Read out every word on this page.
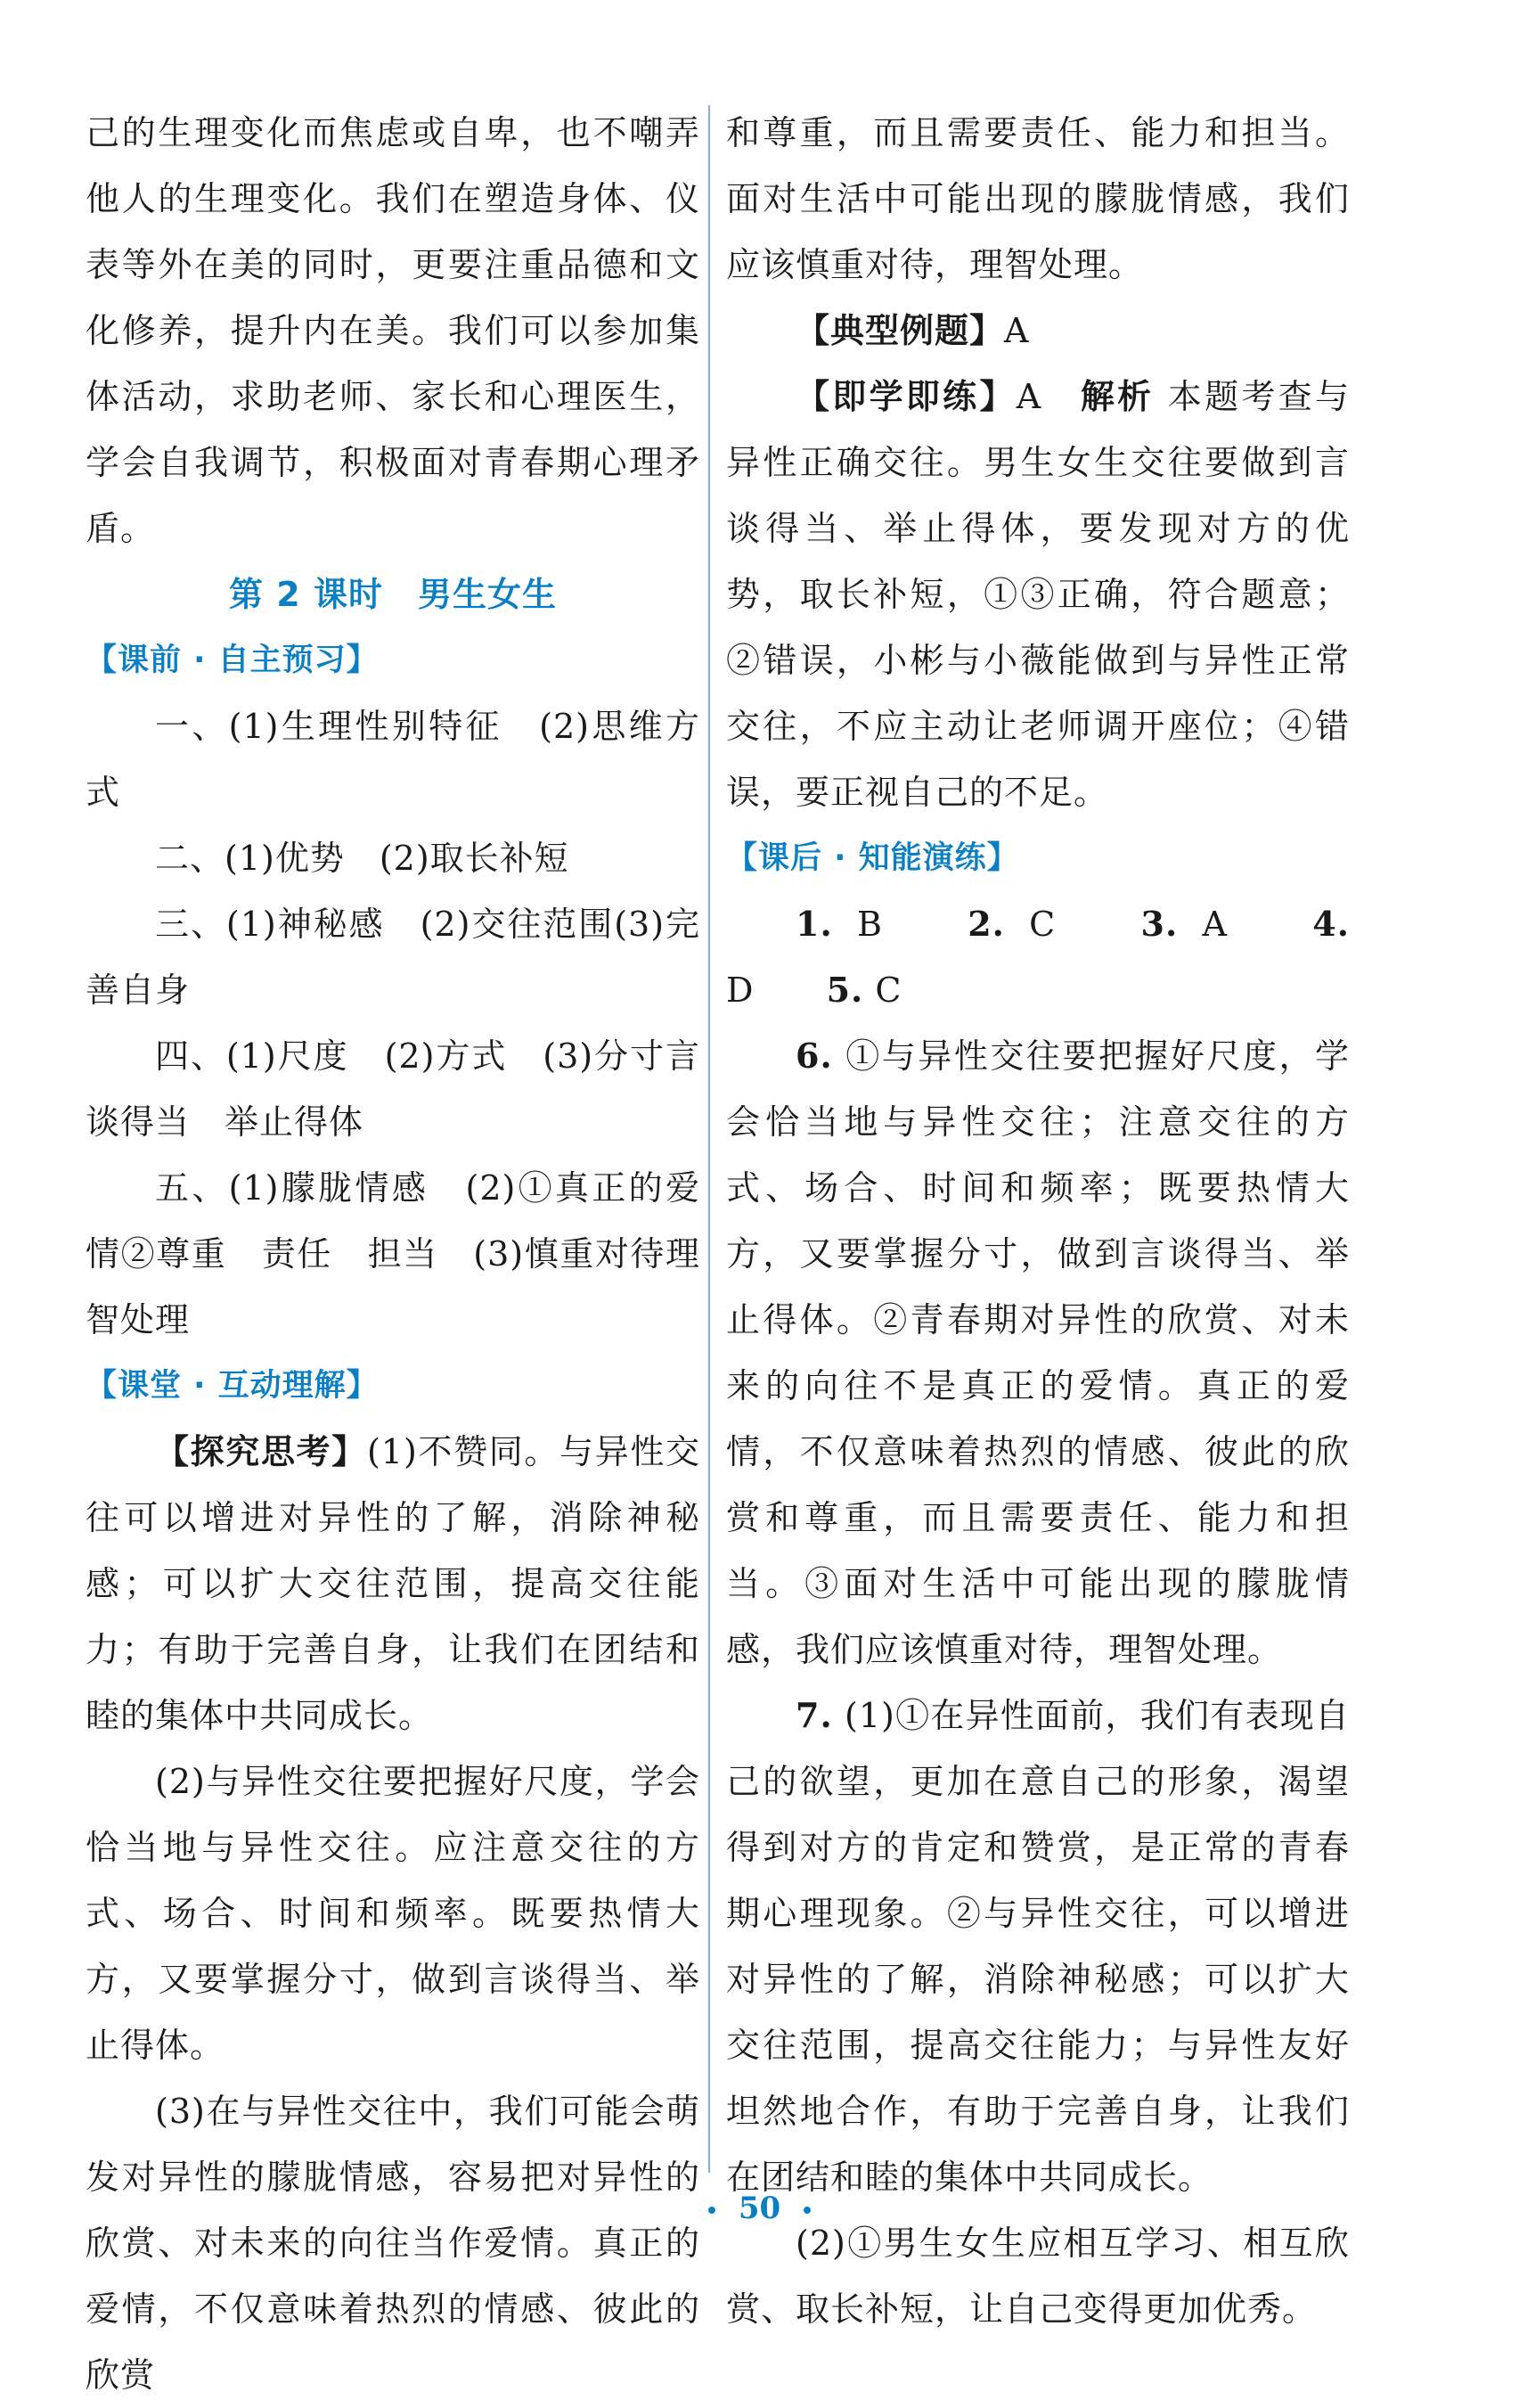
己的生理变化而焦虑或自卑，也不嘲弄他人的生理变化。我们在塑造身体、仪表等外在美的同时，更要注重品德和文化修养，提升内在美。我们可以参加集体活动，求助老师、家长和心理医生，学会自我调节，积极面对青春期心理矛盾。

第 2 课时　男生女生

【课前 · 自主预习】

一、(1)生理性别特征　(2)思维方式

二、(1)优势　(2)取长补短

三、(1)神秘感　(2)交往范围(3)完善自身

四、(1)尺度　(2)方式　(3)分寸言谈得当　举止得体

五、(1)朦胧情感　(2)①真正的爱情②尊重　责任　担当　(3)慎重对待理智处理

【课堂 · 互动理解】

【探究思考】(1)不赞同。与异性交往可以增进对异性的了解，消除神秘感；可以扩大交往范围，提高交往能力；有助于完善自身，让我们在团结和睦的集体中共同成长。

(2)与异性交往要把握好尺度，学会恰当地与异性交往。应注意交往的方式、场合、时间和频率。既要热情大方，又要掌握分寸，做到言谈得当、举止得体。

(3)在与异性交往中，我们可能会萌发对异性的朦胧情感，容易把对异性的欣赏、对未来的向往当作爱情。真正的爱情，不仅意味着热烈的情感、彼此的欣赏

和尊重，而且需要责任、能力和担当。面对生活中可能出现的朦胧情感，我们应该慎重对待，理智处理。

【典型例题】A

【即学即练】A　 解析 本题考查与异性正确交往。男生女生交往要做到言谈得当、举止得体，要发现对方的优势，取长补短，①③正确，符合题意；②错误，小彬与小薇能做到与异性正常交往，不应主动让老师调开座位；④错误，要正视自己的不足。

【课后 · 知能演练】

1. B	2. C	3. A	4. D 5. C

6. ①与异性交往要把握好尺度，学会恰当地与异性交往；注意交往的方式、场合、时间和频率；既要热情大方，又要掌握分寸，做到言谈得当、举止得体。②青春期对异性的欣赏、对未来的向往不是真正的爱情。真正的爱情，不仅意味着热烈的情感、彼此的欣赏和尊重，而且需要责任、能力和担当。③面对生活中可能出现的朦胧情感，我们应该慎重对待，理智处理。

7. (1)①在异性面前，我们有表现自己的欲望，更加在意自己的形象，渴望得到对方的肯定和赞赏，是正常的青春期心理现象。②与异性交往，可以增进对异性的了解，消除神秘感；可以扩大交往范围，提高交往能力；与异性友好坦然地合作，有助于完善自身，让我们在团结和睦的集体中共同成长。

(2)①男生女生应相互学习、相互欣赏、取长补短，让自己变得更加优秀。

50
